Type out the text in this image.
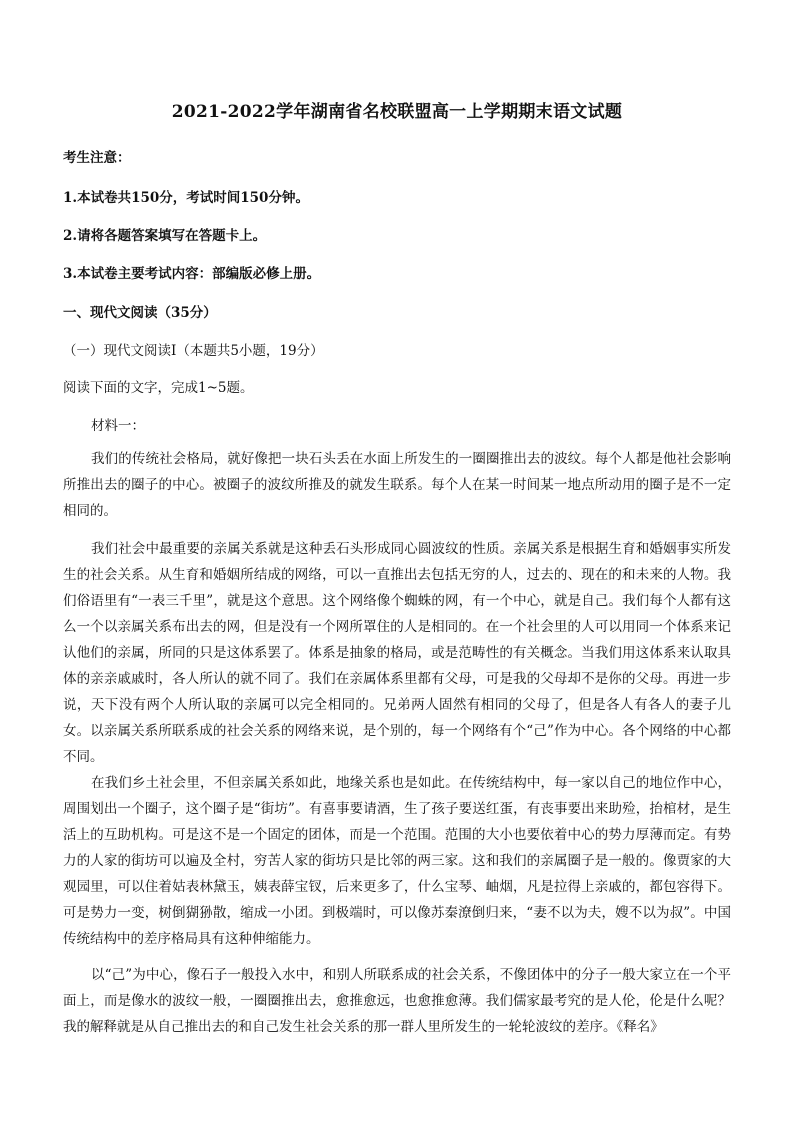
2021-2022学年湖南省名校联盟高一上学期期末语文试题
考生注意：
1.本试卷共150分，考试时间150分钟。
2.请将各题答案填写在答题卡上。
3.本试卷主要考试内容：部编版必修上册。
一、现代文阅读（35分）
（一）现代文阅读Ⅰ（本题共5小题，19分）
阅读下面的文字，完成1~5题。
材料一：

我们的传统社会格局，就好像把一块石头丢在水面上所发生的一圈圈推出去的波纹。每个人都是他社会影响所推出去的圈子的中心。被圈子的波纹所推及的就发生联系。每个人在某一时间某一地点所动用的圈子是不一定相同的。

我们社会中最重要的亲属关系就是这种丢石头形成同心圆波纹的性质。亲属关系是根据生育和婚姻事实所发生的社会关系。从生育和婚姻所结成的网络，可以一直推出去包括无穷的人，过去的、现在的和未来的人物。我们俗语里有“一表三千里”，就是这个意思。这个网络像个蜘蛛的网，有一个中心，就是自己。我们每个人都有这么一个以亲属关系布出去的网，但是没有一个网所罩住的人是相同的。在一个社会里的人可以用同一个体系来记认他们的亲属，所同的只是这体系罢了。体系是抽象的格局，或是范畴性的有关概念。当我们用这体系来认取具体的亲亲戚戚时，各人所认的就不同了。我们在亲属体系里都有父母，可是我的父母却不是你的父母。再进一步说，天下没有两个人所认取的亲属可以完全相同的。兄弟两人固然有相同的父母了，但是各人有各人的妻子儿女。以亲属关系所联系成的社会关系的网络来说，是个别的，每一个网络有个“己”作为中心。各个网络的中心都不同。

在我们乡土社会里，不但亲属关系如此，地缘关系也是如此。在传统结构中，每一家以自己的地位作中心，周围划出一个圈子，这个圈子是“街坊”。有喜事要请酒，生了孩子要送红蛋，有丧事要出来助殓，抬棺材，是生活上的互助机构。可是这不是一个固定的团体，而是一个范围。范围的大小也要依着中心的势力厚薄而定。有势力的人家的街坊可以遍及全村，穷苦人家的街坊只是比邻的两三家。这和我们的亲属圈子是一般的。像贾家的大观园里，可以住着姑表林黛玉，姨表薛宝钗，后来更多了，什么宝琴、岫烟，凡是拉得上亲戚的，都包容得下。可是势力一变，树倒猢狲散，缩成一小团。到极端时，可以像苏秦潦倒归来，“妻不以为夫，嫂不以为叔”。中国传统结构中的差序格局具有这种伸缩能力。

以“己”为中心，像石子一般投入水中，和别人所联系成的社会关系，不像团体中的分子一般大家立在一个平面上，而是像水的波纹一般，一圈圈推出去，愈推愈远，也愈推愈薄。我们儒家最考究的是人伦，伦是什么呢？我的解释就是从自己推出去的和自己发生社会关系的那一群人里所发生的一轮轮波纹的差序。《释名》
